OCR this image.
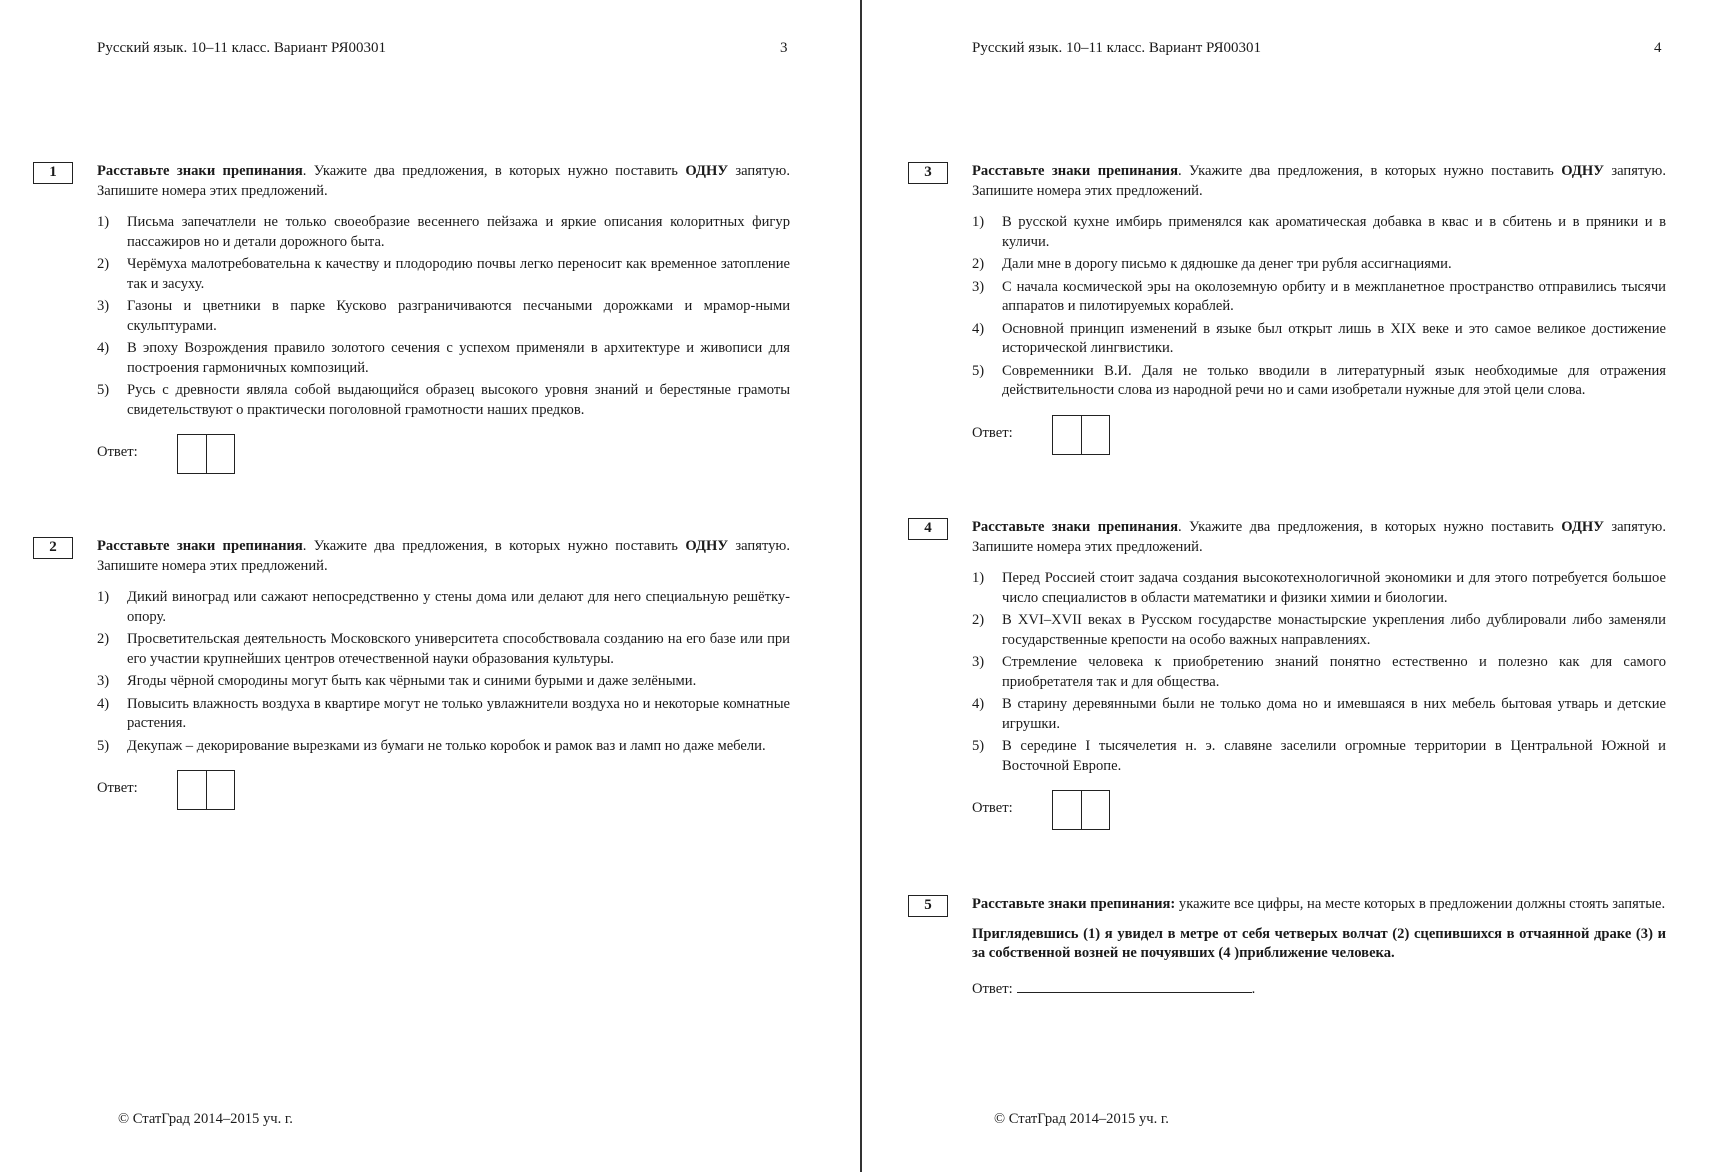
Русский язык. 10–11 класс. Вариант РЯ00301	3
1	Расставьте знаки препинания. Укажите два предложения, в которых нужно поставить ОДНУ запятую. Запишите номера этих предложений.

1) Письма запечатлели не только своеобразие весеннего пейзажа и яркие описания колоритных фигур пассажиров но и детали дорожного быта.
2) Черёмуха малотребовательна к качеству и плодородию почвы легко переносит как временное затопление так и засуху.
3) Газоны и цветники в парке Кусково разграничиваются песчаными дорожками и мрамор-ными скульптурами.
4) В эпоху Возрождения правило золотого сечения с успехом применяли в архитектуре и живописи для построения гармоничных композиций.
5) Русь с древности являла собой выдающийся образец высокого уровня знаний и берестяные грамоты свидетельствуют о практически поголовной грамотности наших предков.
Ответ:
2	Расставьте знаки препинания. Укажите два предложения, в которых нужно поставить ОДНУ запятую. Запишите номера этих предложений.

1) Дикий виноград или сажают непосредственно у стены дома или делают для него специальную решётку-опору.
2) Просветительская деятельность Московского университета способствовала созданию на его базе или при его участии крупнейших центров отечественной науки образования культуры.
3) Ягоды чёрной смородины могут быть как чёрными так и синими бурыми и даже зелёными.
4) Повысить влажность воздуха в квартире могут не только увлажнители воздуха но и некоторые комнатные растения.
5) Декупаж – декорирование вырезками из бумаги не только коробок и рамок ваз и ламп но даже мебели.
Ответ:
© СтатГрад 2014–2015 уч. г.
Русский язык. 10–11 класс. Вариант РЯ00301	4
3	Расставьте знаки препинания. Укажите два предложения, в которых нужно поставить ОДНУ запятую. Запишите номера этих предложений.

1) В русской кухне имбирь применялся как ароматическая добавка в квас и в сбитень и в пряники и в куличи.
2) Дали мне в дорогу письмо к дядюшке да денег три рубля ассигнациями.
3) С начала космической эры на околоземную орбиту и в межпланетное пространство отправились тысячи аппаратов и пилотируемых кораблей.
4) Основной принцип изменений в языке был открыт лишь в XIX веке и это самое великое достижение исторической лингвистики.
5) Современники В.И. Даля не только вводили в литературный язык необходимые для отражения действительности слова из народной речи но и сами изобретали нужные для этой цели слова.
Ответ:
4	Расставьте знаки препинания. Укажите два предложения, в которых нужно поставить ОДНУ запятую. Запишите номера этих предложений.

1) Перед Россией стоит задача создания высокотехнологичной экономики и для этого потребуется большое число специалистов в области математики и физики химии и биологии.
2) В XVI–XVII веках в Русском государстве монастырские укрепления либо дублировали либо заменяли государственные крепости на особо важных направлениях.
3) Стремление человека к приобретению знаний понятно естественно и полезно как для самого приобретателя так и для общества.
4) В старину деревянными были не только дома но и имевшаяся в них мебель бытовая утварь и детские игрушки.
5) В середине I тысячелетия н. э. славяне заселили огромные территории в Центральной Южной и Восточной Европе.
Ответ:
5	Расставьте знаки препинания: укажите все цифры, на месте которых в предложении должны стоять запятые.

Приглядевшись (1) я увидел в метре от себя четверых волчат (2) сцепившихся в отчаянной драке (3) и за собственной возней не почуявших (4 )приближение человека.

Ответ:	.
© СтатГрад 2014–2015 уч. г.
